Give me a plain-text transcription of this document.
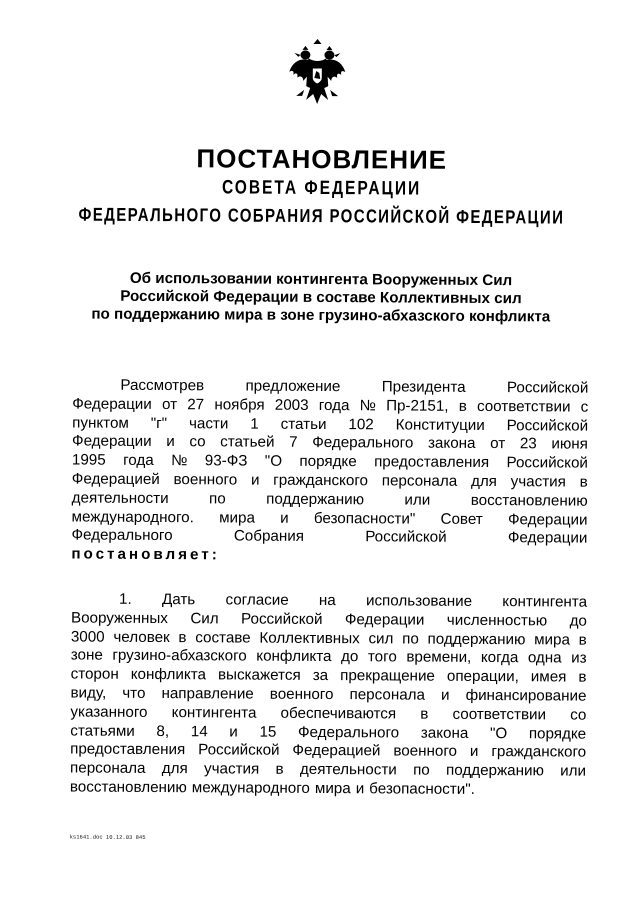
ПОСТАНОВЛЕНИЕ
СОВЕТА ФЕДЕРАЦИИ
ФЕДЕРАЛЬНОГО СОБРАНИЯ РОССИЙСКОЙ ФЕДЕРАЦИИ
Об использовании контингента Вооруженных Сил
Российской Федерации в составе Коллективных сил
по поддержанию мира в зоне грузино-абхазского конфликта
Рассмотрев	предложение	Президента	Российской
Федерации от 27 ноября 2003 года № Пр-2151, в соответствии с
пунктом "г" части 1 статьи 102 Конституции Российской
Федерации и со статьей 7 Федерального закона от 23 июня
1995 года № 93-ФЗ "О порядке предоставления Российской
Федерацией военного и гражданского персонала для участия в
деятельности	по	поддержанию	или	восстановлению
международного. мира и безопасности" Совет Федерации
Федерального	Собрания	Российской	Федерации
постановляет:
1. Дать согласие на использование контингента
Вооруженных Сил Российской Федерации численностью до
3000 человек в составе Коллективных сил по поддержанию мира в
зоне грузино-абхазского конфликта до того времени, когда одна из
сторон конфликта выскажется за прекращение операции, имея в
виду, что направление военного персонала и финансирование
указанного контингента обеспечиваются в соответствии со
статьями 8, 14 и 15 Федерального закона "О порядке
предоставления Российской Федерацией военного и гражданского
персонала для участия в деятельности по поддержанию или
восстановлению международного мира и безопасности".
ks1641.doc 10.12.03 845
